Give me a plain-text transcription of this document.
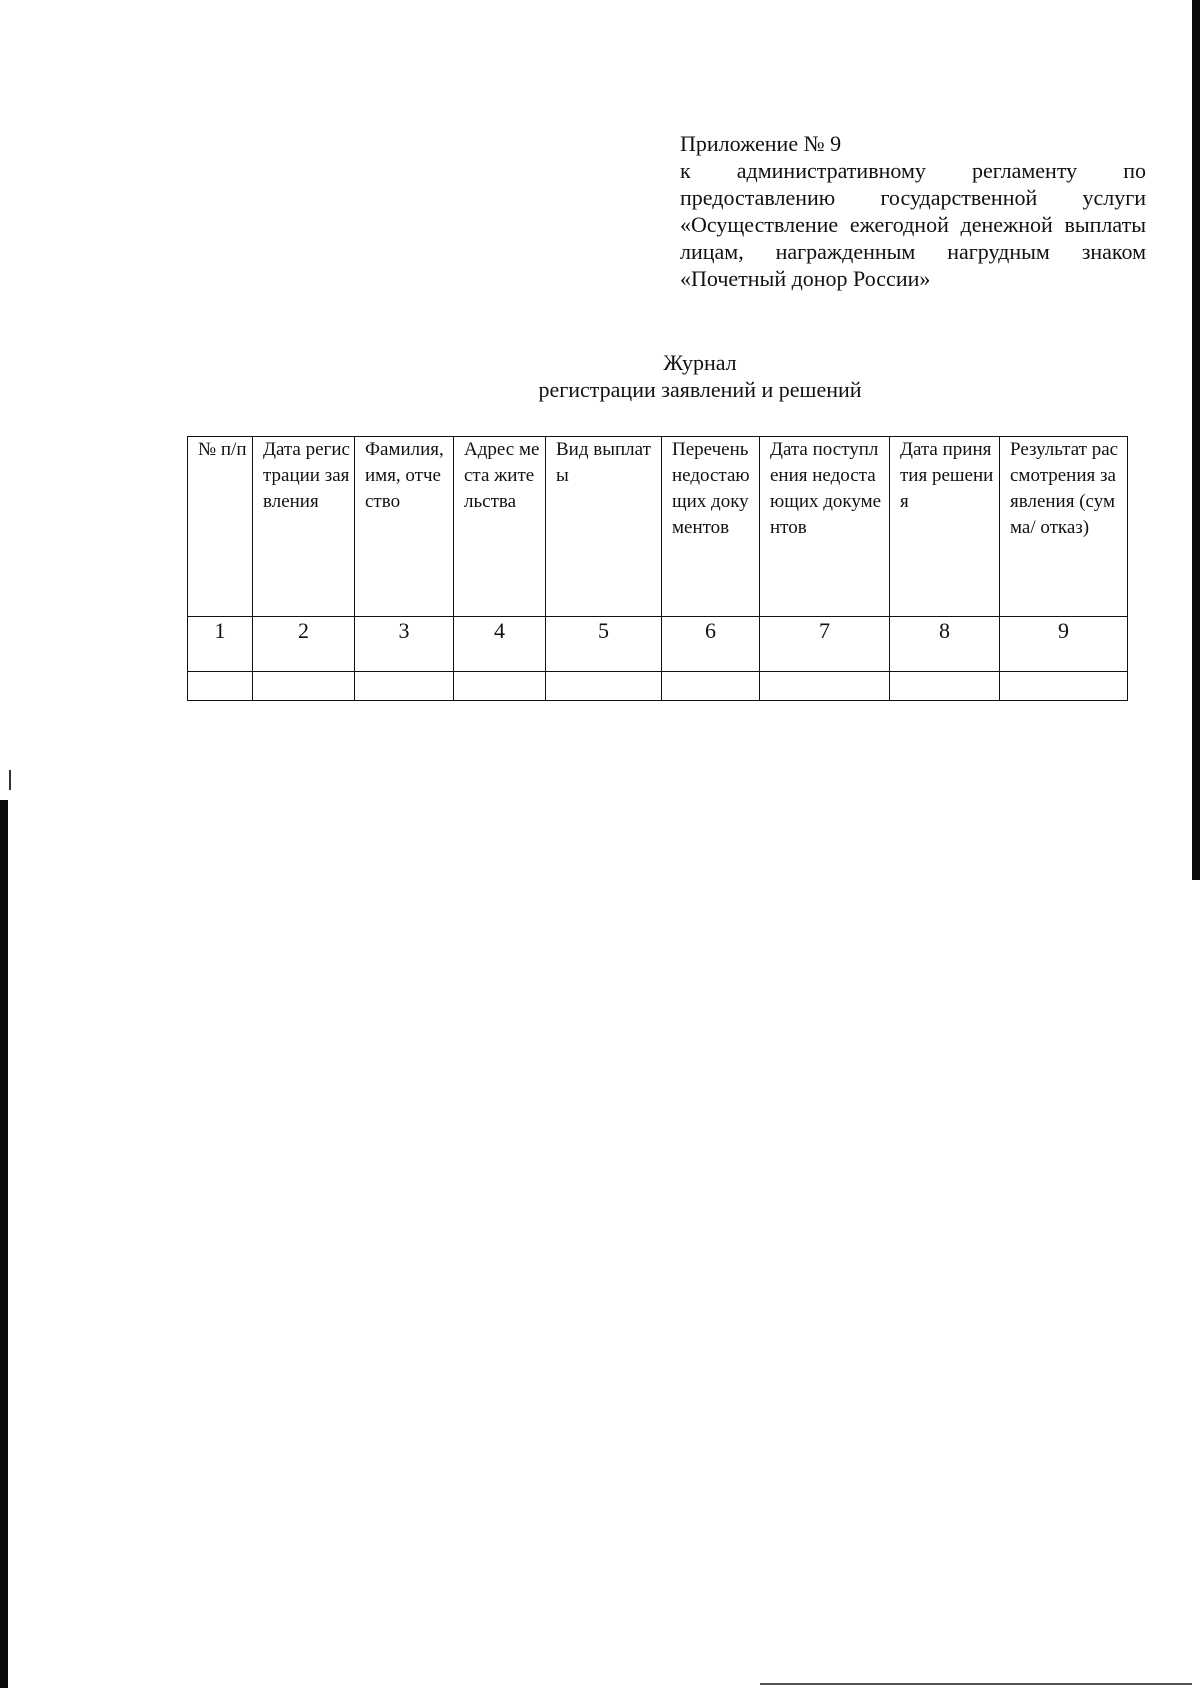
Приложение № 9
к административному регламенту по предоставлению государственной услуги «Осуществление ежегодной денежной выплаты лицам, награжденным нагрудным знаком «Почетный донор России»
Журнал
регистрации заявлений и решений
№ п/п	Дата регистрации заявления	Фамилия, имя, отчество	Адрес места жительства	Вид выплаты	Перечень недостающих документов	Дата поступления недостающих документов	Дата принятия решения	Результат рассмотрения заявления (сумма/ отказ)
1	2	3	4	5	6	7	8	9
